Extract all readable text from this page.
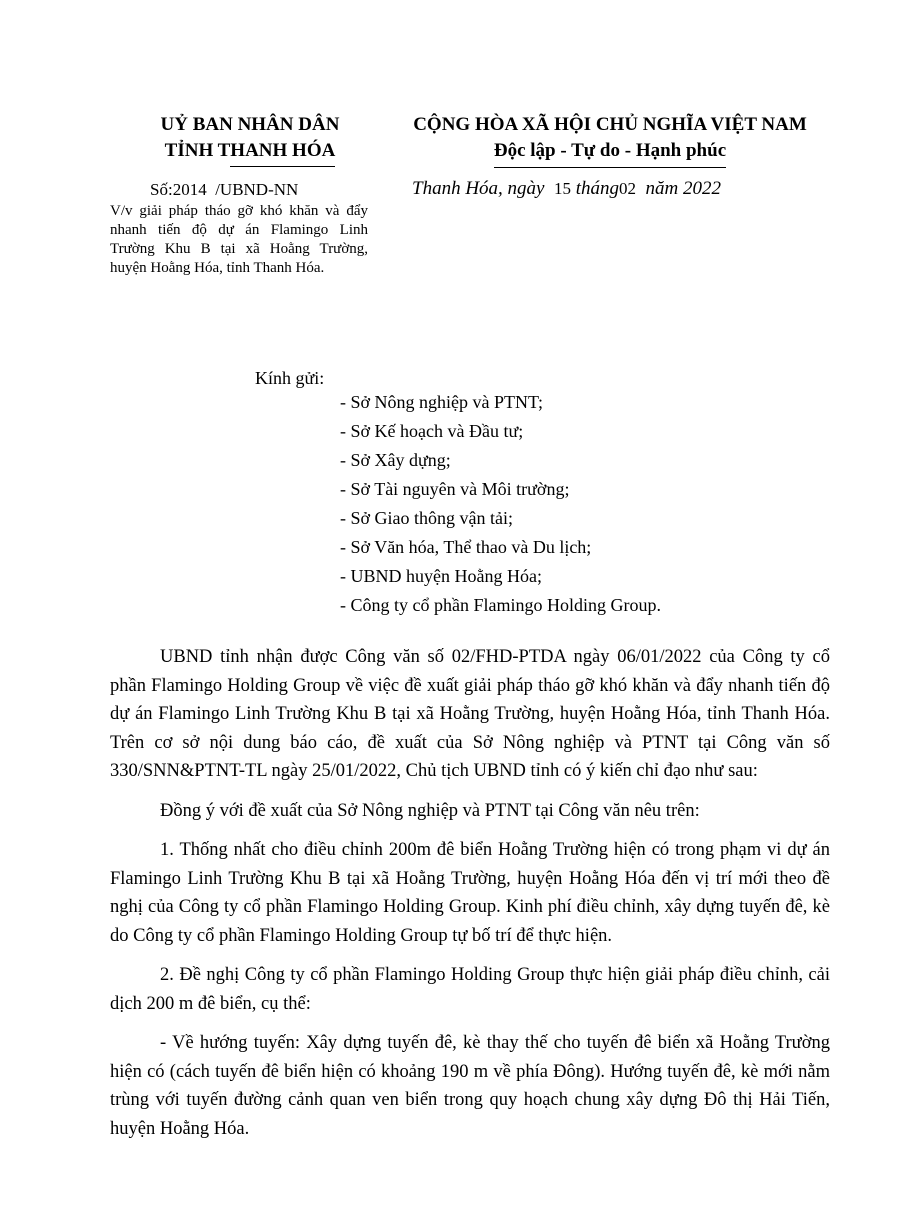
UỶ BAN NHÂN DÂN
TỈNH THANH HÓA
Số:2014 /UBND-NN
V/v giải pháp tháo gỡ khó khăn và đẩy nhanh tiến độ dự án Flamingo Linh Trường Khu B tại xã Hoằng Trường, huyện Hoằng Hóa, tỉnh Thanh Hóa.
CỘNG HÒA XÃ HỘI CHỦ NGHĨA VIỆT NAM
Độc lập - Tự do - Hạnh phúc
Thanh Hóa, ngày 15 tháng02 năm 2022
Kính gửi:
- Sở Nông nghiệp và PTNT;
- Sở Kế hoạch và Đầu tư;
- Sở Xây dựng;
- Sở Tài nguyên và Môi trường;
- Sở Giao thông vận tải;
- Sở Văn hóa, Thể thao và Du lịch;
- UBND huyện Hoằng Hóa;
- Công ty cổ phần Flamingo Holding Group.

UBND tỉnh nhận được Công văn số 02/FHD-PTDA ngày 06/01/2022 của Công ty cổ phần Flamingo Holding Group về việc đề xuất giải pháp tháo gỡ khó khăn và đẩy nhanh tiến độ dự án Flamingo Linh Trường Khu B tại xã Hoằng Trường, huyện Hoằng Hóa, tỉnh Thanh Hóa. Trên cơ sở nội dung báo cáo, đề xuất của Sở Nông nghiệp và PTNT tại Công văn số 330/SNN&PTNT-TL ngày 25/01/2022, Chủ tịch UBND tỉnh có ý kiến chỉ đạo như sau:

Đồng ý với đề xuất của Sở Nông nghiệp và PTNT tại Công văn nêu trên:

1. Thống nhất cho điều chỉnh 200m đê biển Hoằng Trường hiện có trong phạm vi dự án Flamingo Linh Trường Khu B tại xã Hoằng Trường, huyện Hoằng Hóa đến vị trí mới theo đề nghị của Công ty cổ phần Flamingo Holding Group. Kinh phí điều chỉnh, xây dựng tuyến đê, kè do Công ty cổ phần Flamingo Holding Group tự bố trí để thực hiện.

2. Đề nghị Công ty cổ phần Flamingo Holding Group thực hiện giải pháp điều chỉnh, cải dịch 200 m đê biển, cụ thể:

- Về hướng tuyến: Xây dựng tuyến đê, kè thay thế cho tuyến đê biển xã Hoằng Trường hiện có (cách tuyến đê biển hiện có khoảng 190 m về phía Đông). Hướng tuyến đê, kè mới nằm trùng với tuyến đường cảnh quan ven biển trong quy hoạch chung xây dựng Đô thị Hải Tiến, huyện Hoằng Hóa.
